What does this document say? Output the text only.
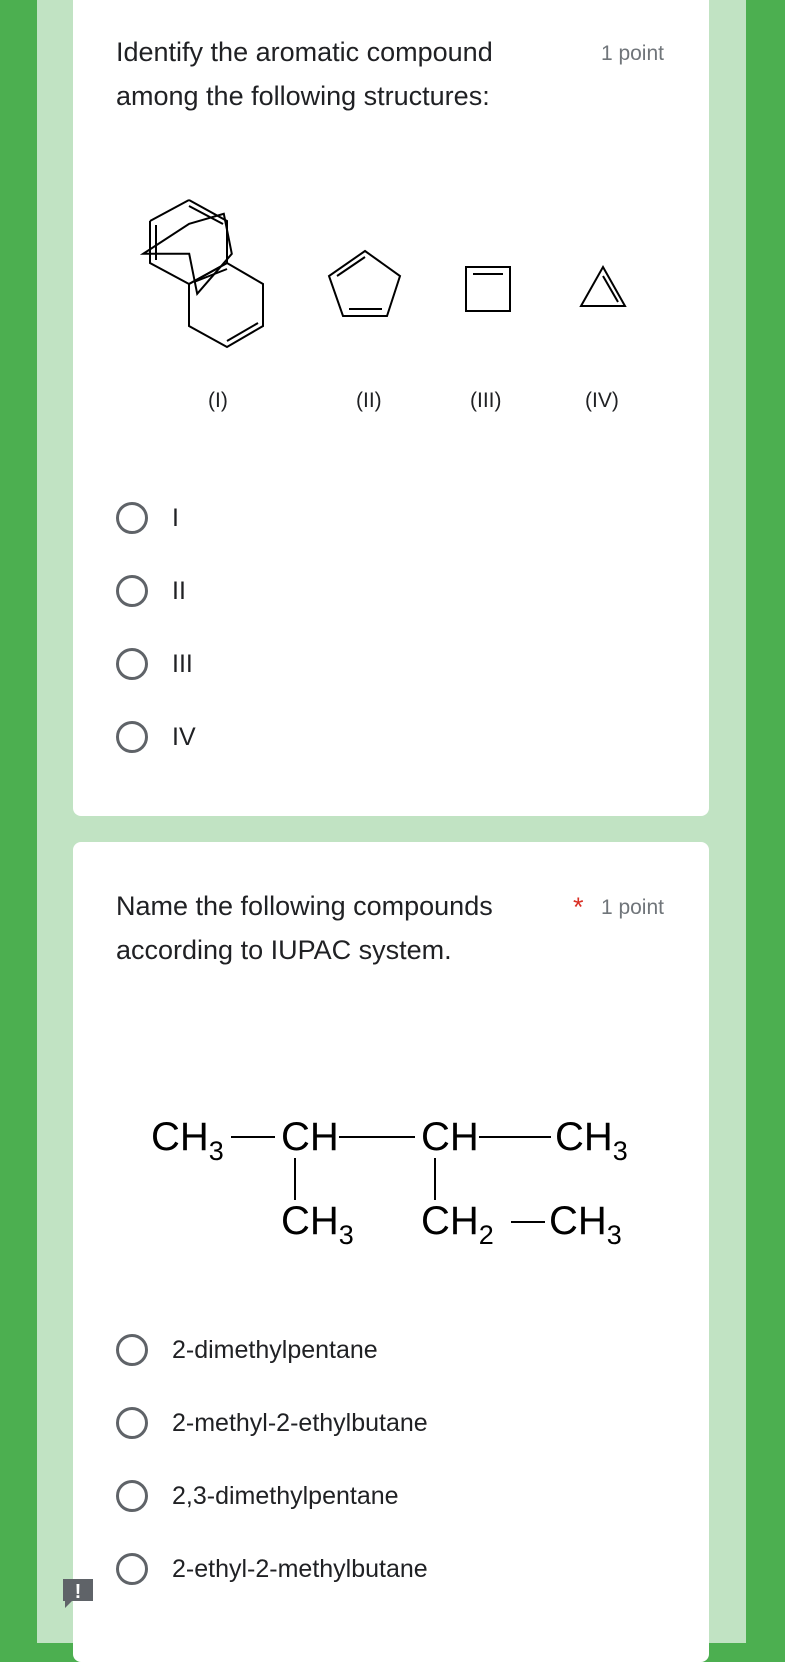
Identify the aromatic compound among the following structures:
1 point
(I)	(II)	(III)	(IV)
I
II
III
IV
Name the following compounds according to IUPAC system.
* 1 point
$CH_3$ CH CH $CH_3$
$CH_3$ $CH_2$ $CH_3$
2-dimethylpentane
2-methyl-2-ethylbutane
2,3-dimethylpentane
2-ethyl-2-methylbutane
!
